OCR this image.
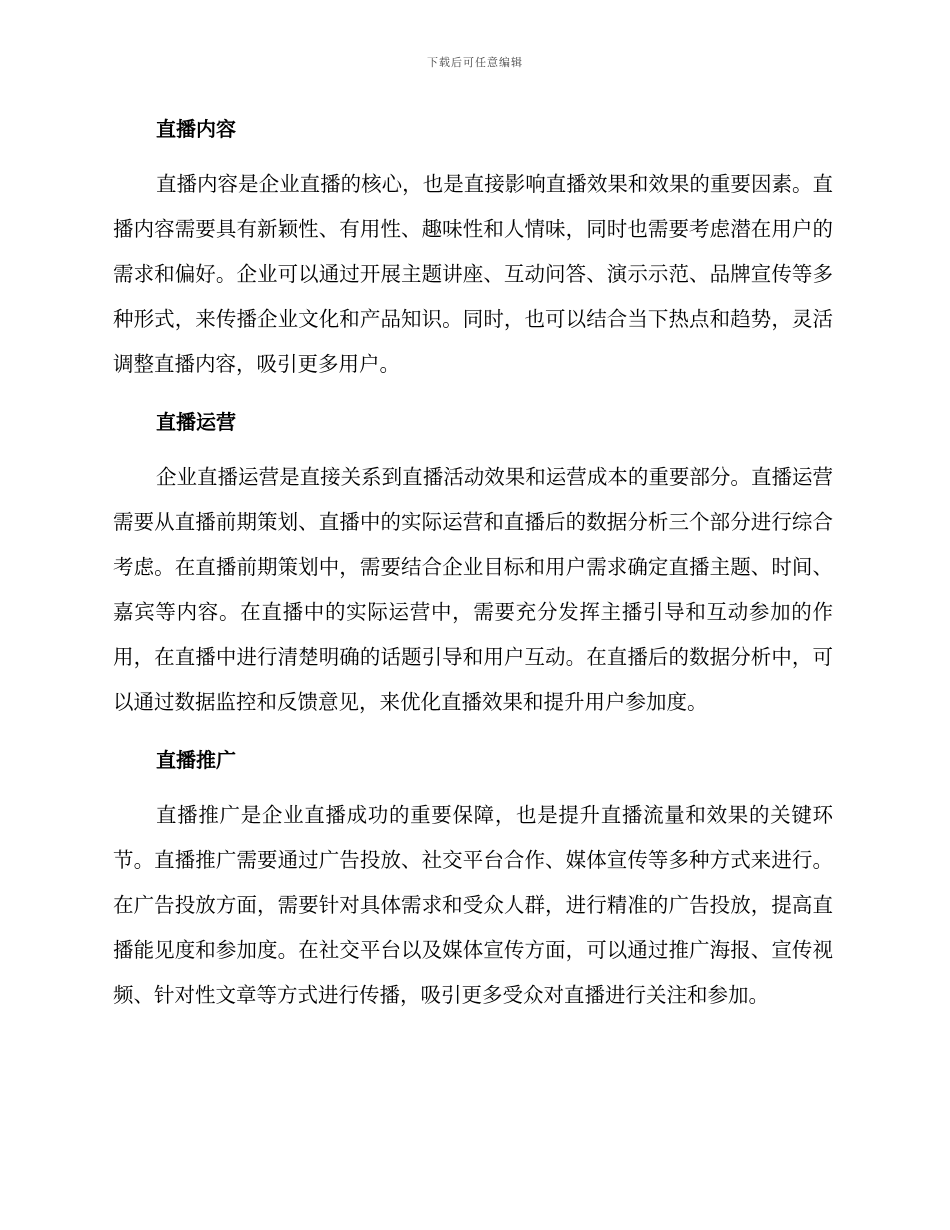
下载后可任意编辑
直播内容

直播内容是企业直播的核心，也是直接影响直播效果和效果的重要因素。直播内容需要具有新颖性、有用性、趣味性和人情味，同时也需要考虑潜在用户的需求和偏好。企业可以通过开展主题讲座、互动问答、演示示范、品牌宣传等多种形式，来传播企业文化和产品知识。同时，也可以结合当下热点和趋势，灵活调整直播内容，吸引更多用户。

直播运营

企业直播运营是直接关系到直播活动效果和运营成本的重要部分。直播运营需要从直播前期策划、直播中的实际运营和直播后的数据分析三个部分进行综合考虑。在直播前期策划中，需要结合企业目标和用户需求确定直播主题、时间、嘉宾等内容。在直播中的实际运营中，需要充分发挥主播引导和互动参加的作用，在直播中进行清楚明确的话题引导和用户互动。在直播后的数据分析中，可以通过数据监控和反馈意见，来优化直播效果和提升用户参加度。

直播推广

直播推广是企业直播成功的重要保障，也是提升直播流量和效果的关键环节。直播推广需要通过广告投放、社交平台合作、媒体宣传等多种方式来进行。在广告投放方面，需要针对具体需求和受众人群，进行精准的广告投放，提高直播能见度和参加度。在社交平台以及媒体宣传方面，可以通过推广海报、宣传视频、针对性文章等方式进行传播，吸引更多受众对直播进行关注和参加。
